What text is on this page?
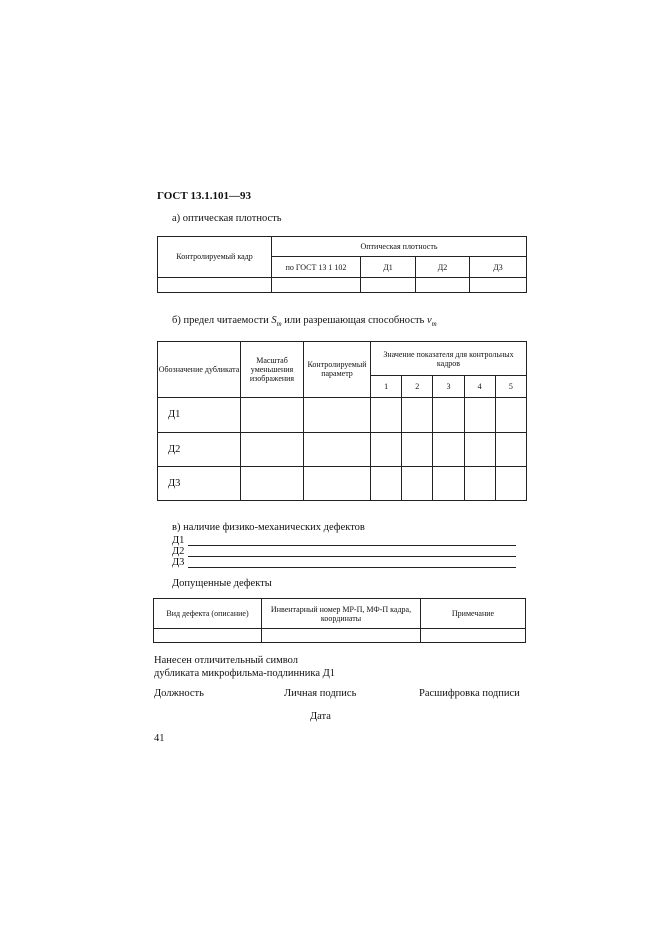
ГОСТ 13.1.101—93
а) оптическая плотность
Контролируемый кадр	Оптическая плотность			
	по ГОСТ 13 1 102	Д1	Д2	Д3

б) предел читаемости $S_m$ или разрешающая способность $v_m$
Обозначение дубликата	Масштаб уменьшения изображения	Контролируемый параметр	Значение показателя для контрольных кадров				
			1	2	3	4	5
Д1							
Д2							
Д3							
в) наличие физико-механических дефектов
Д1
Д2
Д3
Допущенные дефекты
Вид дефекта (описание)	Инвентарный номер МР-П, МФ-П кадра, координаты	Примечание

Нанесен отличительный символ
дубликата микрофильма-подлинника Д1
Должность	Личная подпись	Расшифровка подписи
Дата
41
